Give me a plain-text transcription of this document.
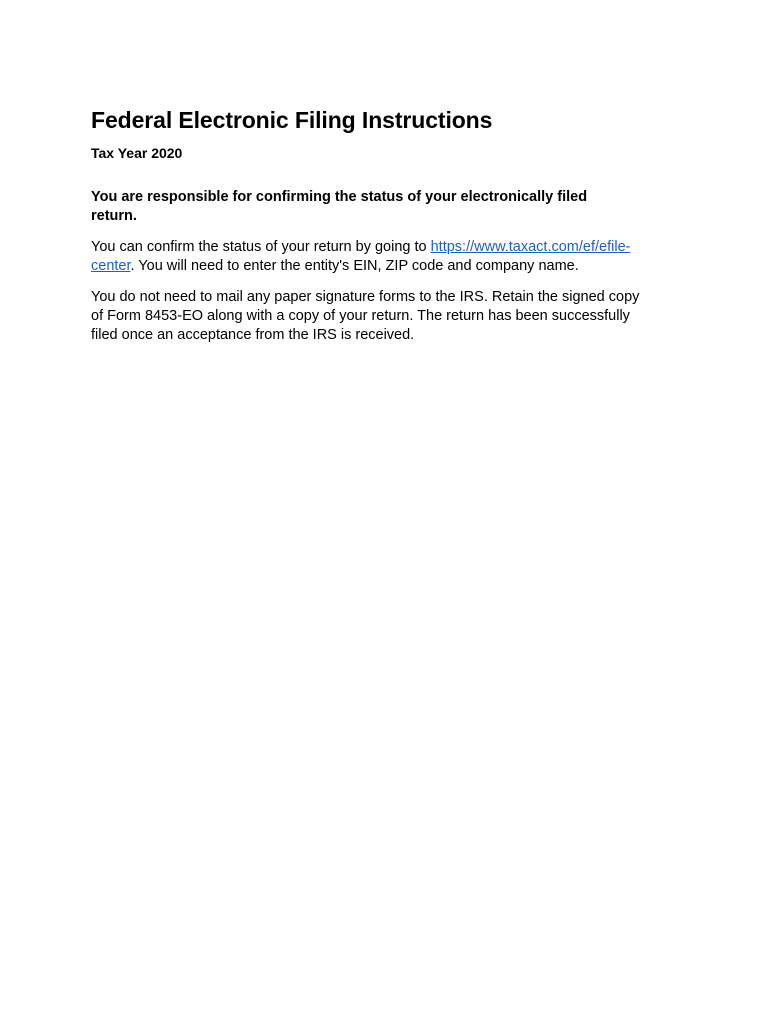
Federal Electronic Filing Instructions

Tax Year 2020

You are responsible for confirming the status of your electronically filed return.

You can confirm the status of your return by going to https://www.taxact.com/ef/efile-center. You will need to enter the entity's EIN, ZIP code and company name.

You do not need to mail any paper signature forms to the IRS. Retain the signed copy of Form 8453-EO along with a copy of your return. The return has been successfully filed once an acceptance from the IRS is received.
